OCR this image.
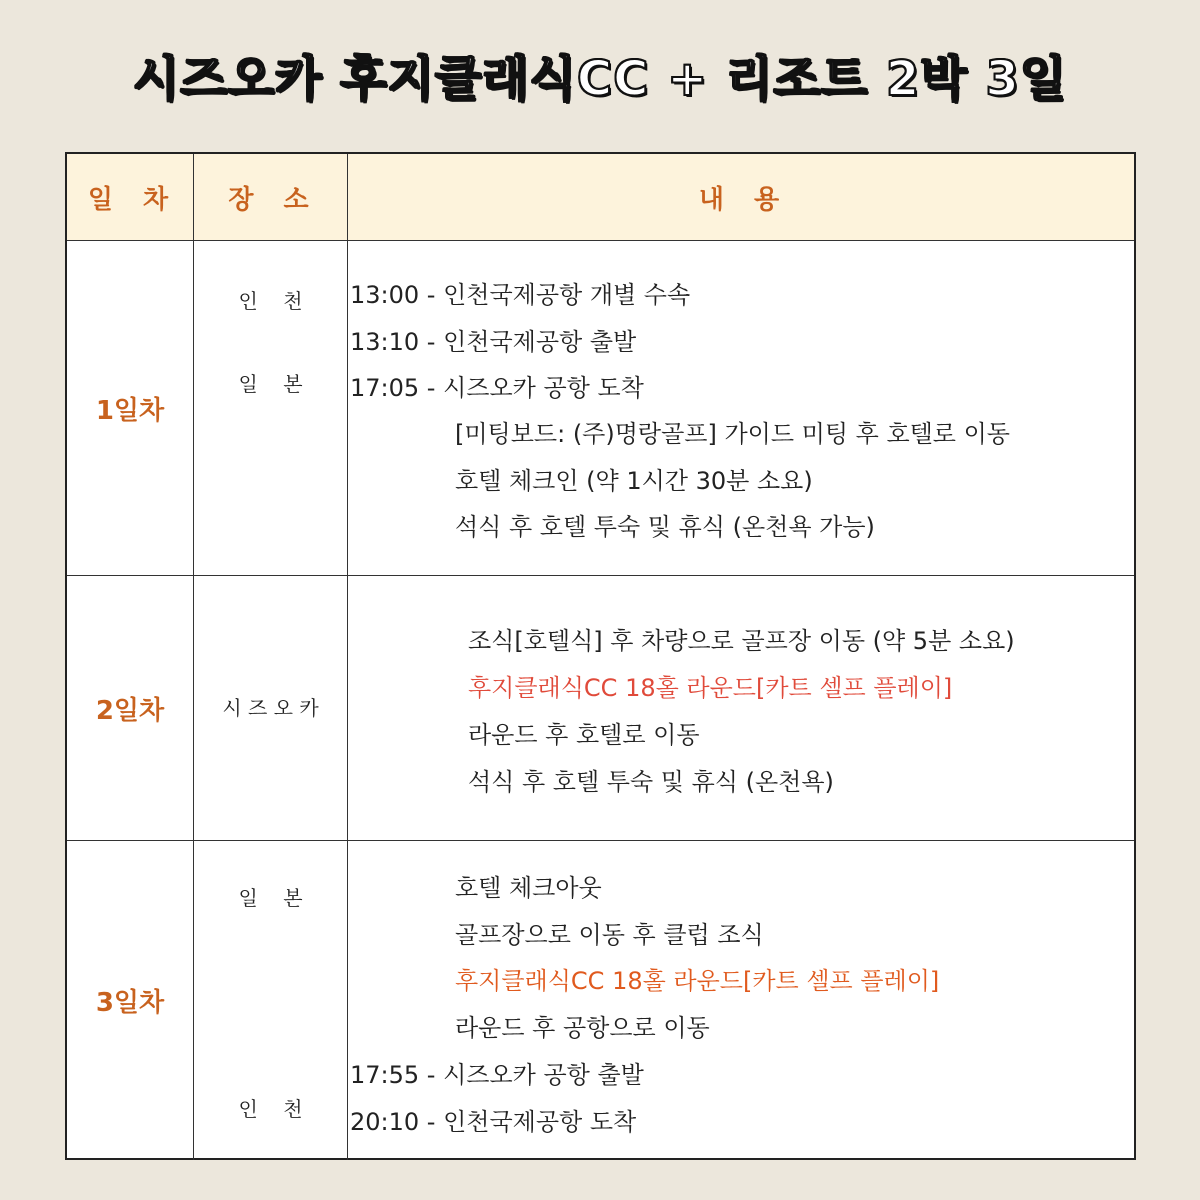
시즈오카 후지클래식CC + 리조트 2박 3일
일  차 장  소	내  용
1일차
인    천
일    본
13:00 - 인천국제공항 개별 수속
13:10 - 인천국제공항 출발
17:05 - 시즈오카 공항 도착
[미팅보드: (주)명랑골프] 가이드 미팅 후 호텔로 이동
호텔 체크인 (약 1시간 30분 소요)
석식 후 호텔 투숙 및 휴식 (온천욕 가능)
2일차	시 즈 오 카
조식[호텔식] 후 차량으로 골프장 이동 (약 5분 소요)
후지클래식CC 18홀 라운드[카트 셀프 플레이]
라운드 후 호텔로 이동
석식 후 호텔 투숙 및 휴식 (온천욕)
3일차
일    본
인    천
호텔 체크아웃
골프장으로 이동 후 클럽 조식
후지클래식CC 18홀 라운드[카트 셀프 플레이]
라운드 후 공항으로 이동
17:55 - 시즈오카 공항 출발
20:10 - 인천국제공항 도착
